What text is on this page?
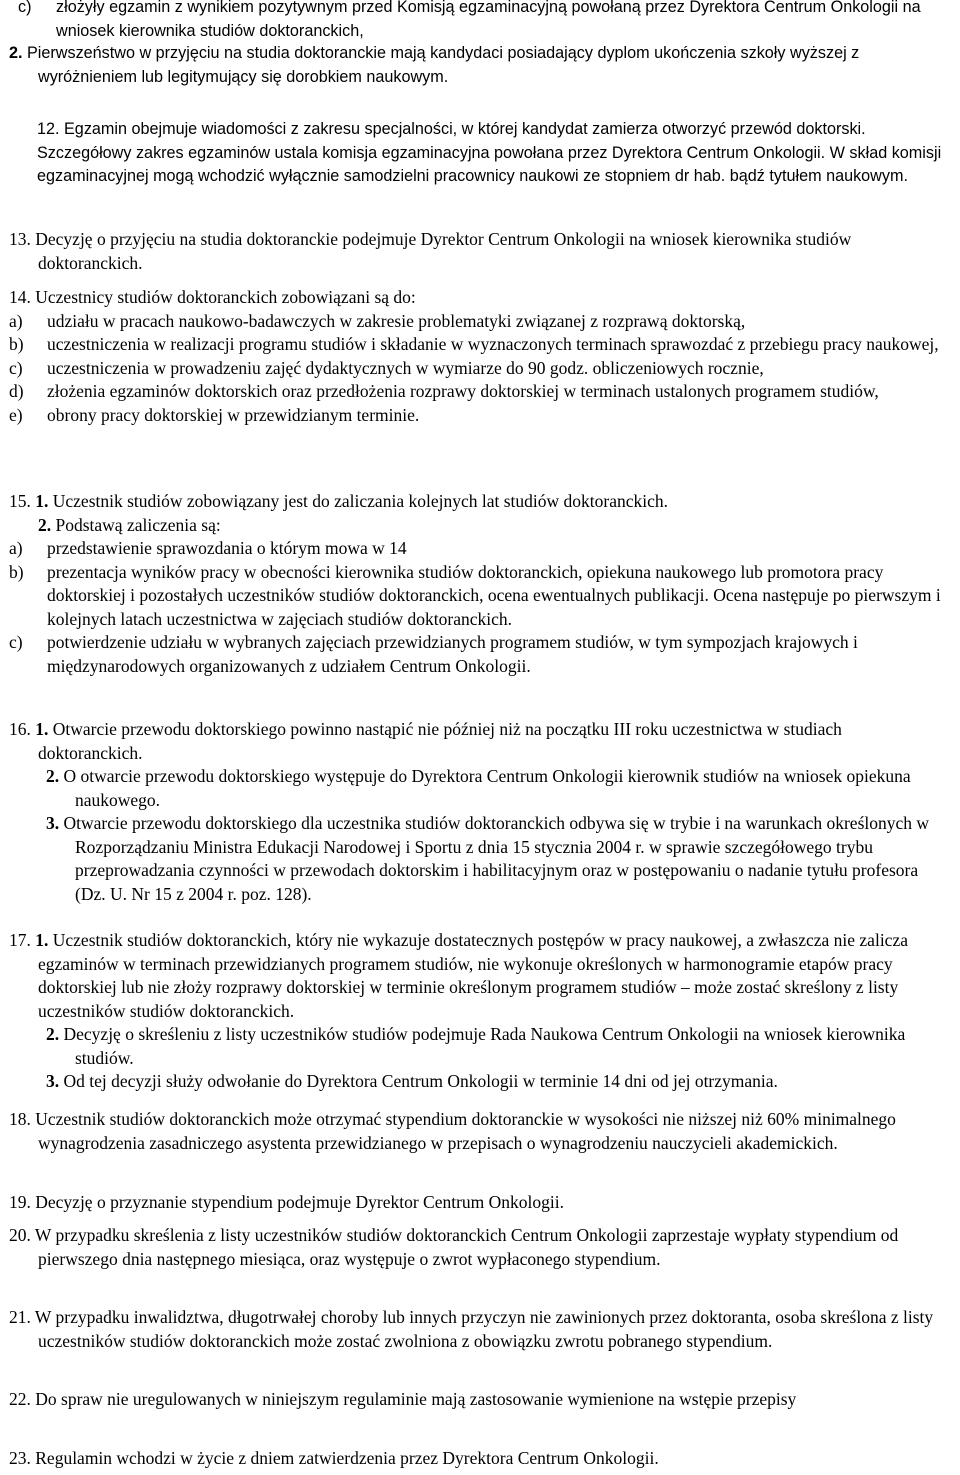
c) złożyły egzamin z wynikiem pozytywnym przed Komisją egzaminacyjną powołaną przez Dyrektora Centrum Onkologii na wniosek kierownika studiów doktoranckich,
2. Pierwszeństwo w przyjęciu na studia doktoranckie mają kandydaci posiadający dyplom ukończenia szkoły wyższej z wyróżnieniem lub legitymujący się dorobkiem naukowym.
12. Egzamin obejmuje wiadomości z zakresu specjalności, w której kandydat zamierza otworzyć przewód doktorski. Szczegółowy zakres egzaminów ustala komisja egzaminacyjna powołana przez Dyrektora Centrum Onkologii. W skład komisji egzaminacyjnej mogą wchodzić wyłącznie samodzielni pracownicy naukowi ze stopniem dr hab. bądź tytułem naukowym.
13. Decyzję o przyjęciu na studia doktoranckie podejmuje Dyrektor Centrum Onkologii na wniosek kierownika studiów doktoranckich.
14. Uczestnicy studiów doktoranckich zobowiązani są do:
a) udziału w pracach naukowo-badawczych w zakresie problematyki związanej z rozprawą doktorską,
b) uczestniczenia w realizacji programu studiów i składanie w wyznaczonych terminach sprawozdać z przebiegu pracy naukowej,
c) uczestniczenia w prowadzeniu zajęć dydaktycznych w wymiarze do 90 godz. obliczeniowych rocznie,
d) złożenia egzaminów doktorskich oraz przedłożenia rozprawy doktorskiej w terminach ustalonych programem studiów,
e) obrony pracy doktorskiej w przewidzianym terminie.
15. 1. Uczestnik studiów zobowiązany jest do zaliczania kolejnych lat studiów doktoranckich.
2. Podstawą zaliczenia są:
a) przedstawienie sprawozdania o którym mowa w 14
b) prezentacja wyników pracy w obecności kierownika studiów doktoranckich, opiekuna naukowego lub promotora pracy doktorskiej i pozostałych uczestników studiów doktoranckich, ocena ewentualnych publikacji. Ocena następuje po pierwszym i kolejnych latach uczestnictwa w zajęciach studiów doktoranckich.
c) potwierdzenie udziału w wybranych zajęciach przewidzianych programem studiów, w tym sympozjach krajowych i międzynarodowych organizowanych z udziałem Centrum Onkologii.
16. 1. Otwarcie przewodu doktorskiego powinno nastąpić nie później niż na początku III roku uczestnictwa w studiach doktoranckich.
2. O otwarcie przewodu doktorskiego występuje do Dyrektora Centrum Onkologii kierownik studiów na wniosek opiekuna naukowego.
3. Otwarcie przewodu doktorskiego dla uczestnika studiów doktoranckich odbywa się w trybie i na warunkach określonych w Rozporządzaniu Ministra Edukacji Narodowej i Sportu z dnia 15 stycznia 2004 r. w sprawie szczegółowego trybu przeprowadzania czynności w przewodach doktorskim i habilitacyjnym oraz w postępowaniu o nadanie tytułu profesora (Dz. U. Nr 15 z 2004 r. poz. 128).
17. 1. Uczestnik studiów doktoranckich, który nie wykazuje dostatecznych postępów w pracy naukowej, a zwłaszcza nie zalicza egzaminów w terminach przewidzianych programem studiów, nie wykonuje określonych w harmonogramie etapów pracy doktorskiej lub nie złoży rozprawy doktorskiej w terminie określonym programem studiów – może zostać skreślony z listy uczestników studiów doktoranckich.
2. Decyzję o skreśleniu z listy uczestników studiów podejmuje Rada Naukowa Centrum Onkologii na wniosek kierownika studiów.
3. Od tej decyzji służy odwołanie do Dyrektora Centrum Onkologii w terminie 14 dni od jej otrzymania.
18. Uczestnik studiów doktoranckich może otrzymać stypendium doktoranckie w wysokości nie niższej niż 60% minimalnego wynagrodzenia zasadniczego asystenta przewidzianego w przepisach o wynagrodzeniu nauczycieli akademickich.
19. Decyzję o przyznanie stypendium podejmuje Dyrektor Centrum Onkologii.
20. W przypadku skreślenia z listy uczestników studiów doktoranckich Centrum Onkologii zaprzestaje wypłaty stypendium od pierwszego dnia następnego miesiąca, oraz występuje o zwrot wypłaconego stypendium.
21. W przypadku inwalidztwa, długotrwałej choroby lub innych przyczyn nie zawinionych przez doktoranta, osoba skreślona z listy uczestników studiów doktoranckich może zostać zwolniona z obowiązku zwrotu pobranego stypendium.
22. Do spraw nie uregulowanych w niniejszym regulaminie mają zastosowanie wymienione na wstępie przepisy
23. Regulamin wchodzi w życie z dniem zatwierdzenia przez Dyrektora Centrum Onkologii.
